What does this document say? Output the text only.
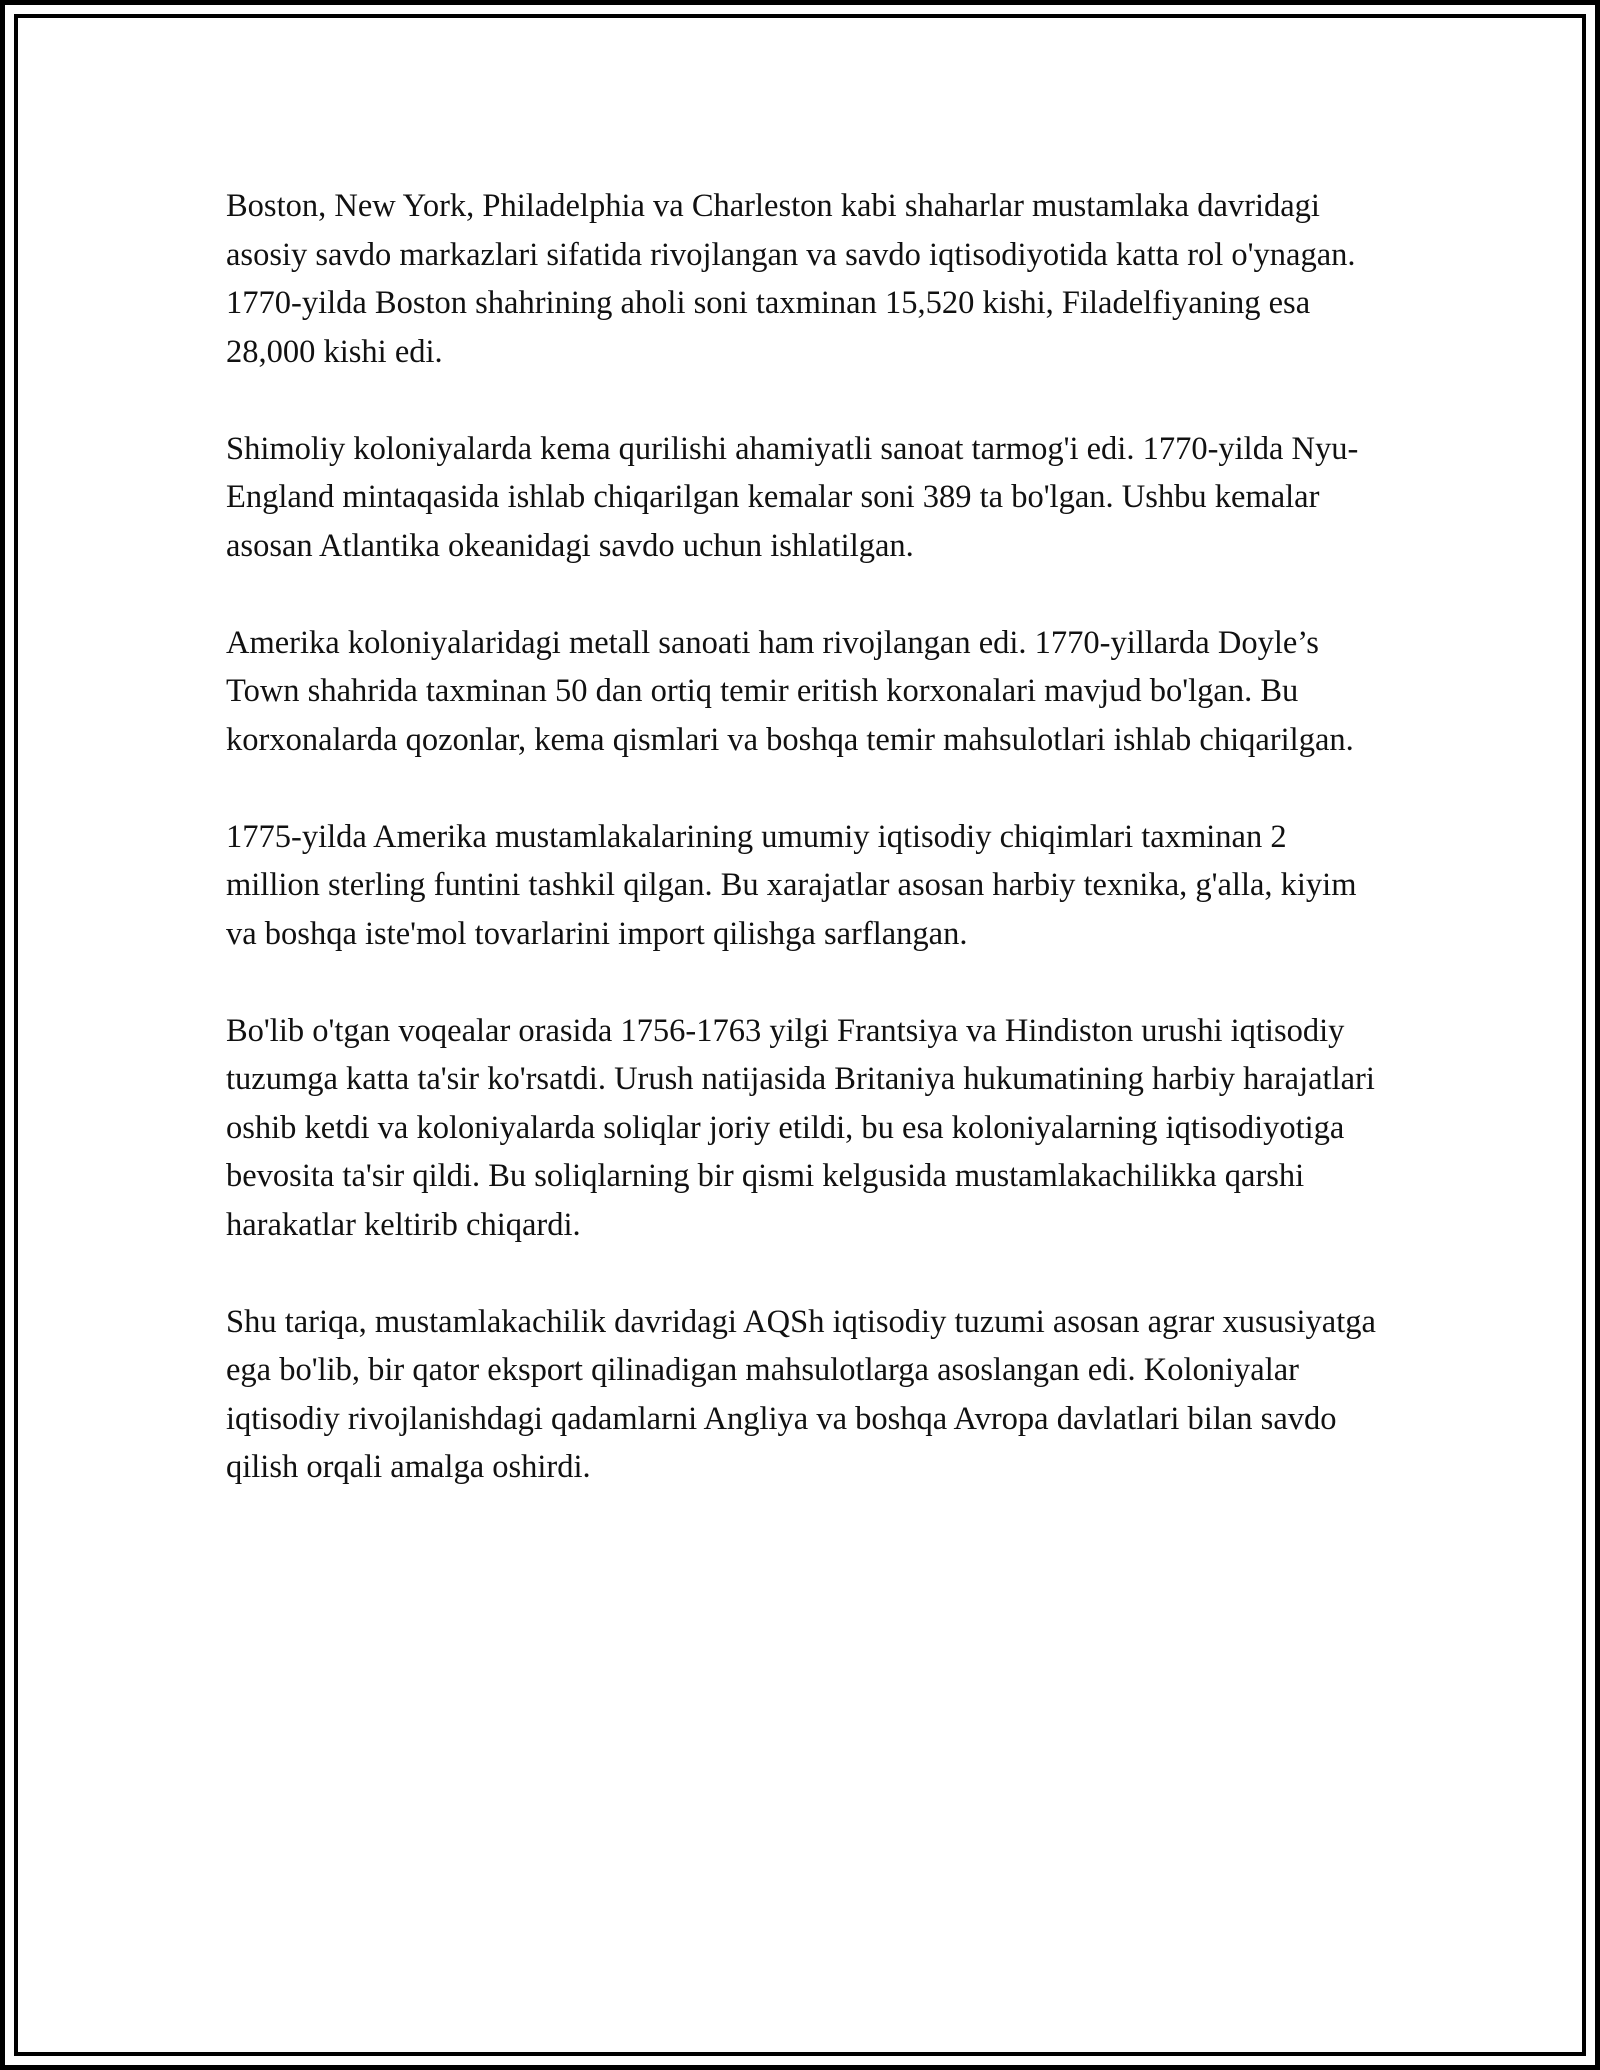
Boston, New York, Philadelphia va Charleston kabi shaharlar mustamlaka davridagi asosiy savdo markazlari sifatida rivojlangan va savdo iqtisodiyotida katta rol o'ynagan. 1770-yilda Boston shahrining aholi soni taxminan 15,520 kishi, Filadelfiyaning esa 28,000 kishi edi.

Shimoliy koloniyalarda kema qurilishi ahamiyatli sanoat tarmog'i edi. 1770-yilda Nyu-England mintaqasida ishlab chiqarilgan kemalar soni 389 ta bo'lgan. Ushbu kemalar asosan Atlantika okeanidagi savdo uchun ishlatilgan.

Amerika koloniyalaridagi metall sanoati ham rivojlangan edi. 1770-yillarda Doyle’s Town shahrida taxminan 50 dan ortiq temir eritish korxonalari mavjud bo'lgan. Bu korxonalarda qozonlar, kema qismlari va boshqa temir mahsulotlari ishlab chiqarilgan.

1775-yilda Amerika mustamlakalarining umumiy iqtisodiy chiqimlari taxminan 2 million sterling funtini tashkil qilgan. Bu xarajatlar asosan harbiy texnika, g'alla, kiyim va boshqa iste'mol tovarlarini import qilishga sarflangan.

Bo'lib o'tgan voqealar orasida 1756-1763 yilgi Frantsiya va Hindiston urushi iqtisodiy tuzumga katta ta'sir ko'rsatdi. Urush natijasida Britaniya hukumatining harbiy harajatlari oshib ketdi va koloniyalarda soliqlar joriy etildi, bu esa koloniyalarning iqtisodiyotiga bevosita ta'sir qildi. Bu soliqlarning bir qismi kelgusida mustamlakachilikka qarshi harakatlar keltirib chiqardi.

Shu tariqa, mustamlakachilik davridagi AQSh iqtisodiy tuzumi asosan agrar xususiyatga ega bo'lib, bir qator eksport qilinadigan mahsulotlarga asoslangan edi. Koloniyalar iqtisodiy rivojlanishdagi qadamlarni Angliya va boshqa Avropa davlatlari bilan savdo qilish orqali amalga oshirdi.
